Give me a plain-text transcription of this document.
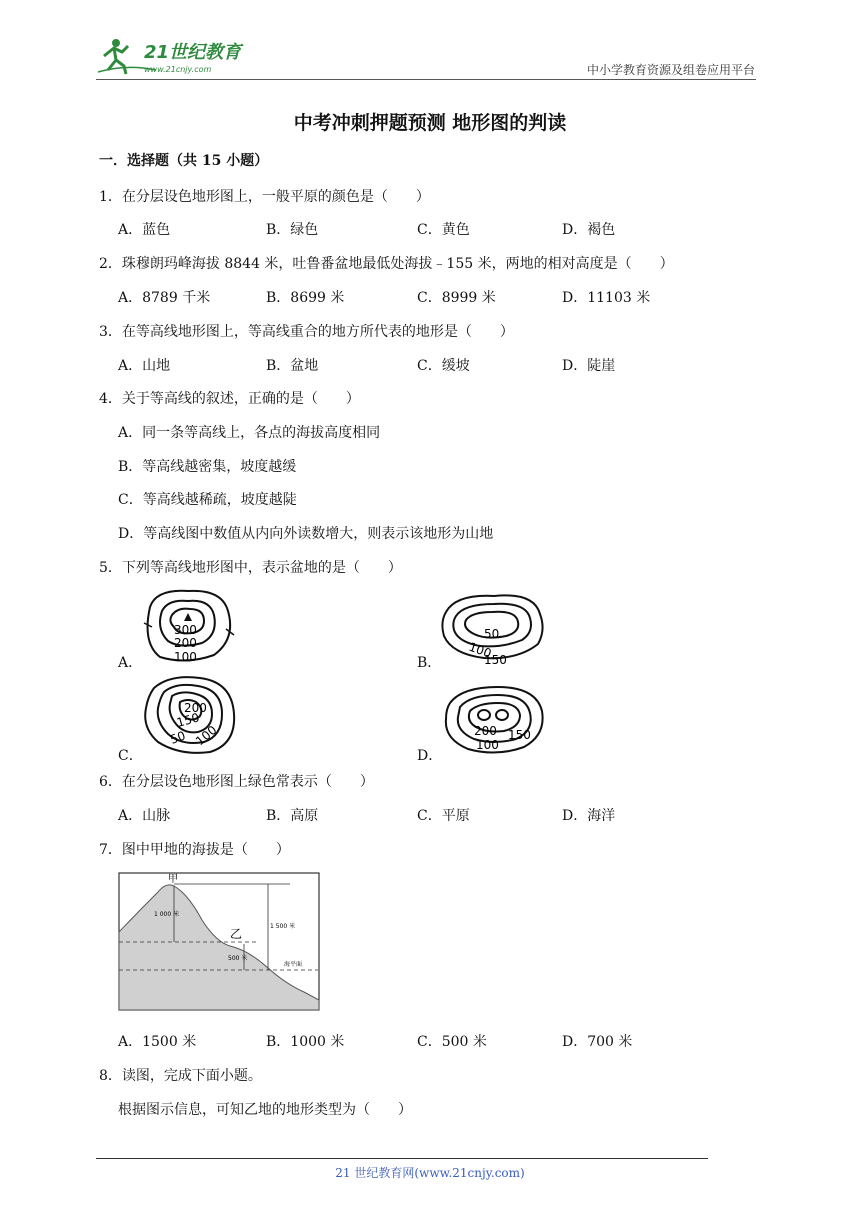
21世纪教育
www.21cnjy.com	中小学教育资源及组卷应用平台
中考冲刺押题预测 地形图的判读
一．选择题（共 15 小题）
1．在分层设色地形图上，一般平原的颜色是（　　）
A．蓝色	B．绿色	C．黄色	D．褐色
2．珠穆朗玛峰海拔 8844 米，吐鲁番盆地最低处海拔﹣155 米，两地的相对高度是（　　）
A．8789 千米	B．8699 米	C．8999 米	D．11103 米
3．在等高线地形图上，等高线重合的地方所代表的地形是（　　）
A．山地	B．盆地	C．缓坡	D．陡崖
4．关于等高线的叙述，正确的是（　　）
A．同一条等高线上，各点的海拔高度相同
B．等高线越密集，坡度越缓
C．等高线越稀疏，坡度越陡
D．等高线图中数值从内向外读数增大，则表示该地形为山地
5．下列等高线地形图中，表示盆地的是（　　）
A．
300
200
100	B．
50
100
150
C．
200
150
50 100
D．
200 150
100
6．在分层设色地形图上绿色常表示（　　）
A．山脉	B．高原	C．平原	D．海洋
7．图中甲地的海拔是（　　）
甲
乙
1 000 米
1 500 米
500 米
海平面
A．1500 米	B．1000 米	C．500 米	D．700 米
8．读图，完成下面小题。
根据图示信息，可知乙地的地形类型为（　　）
21 世纪教育网(www.21cnjy.com)
